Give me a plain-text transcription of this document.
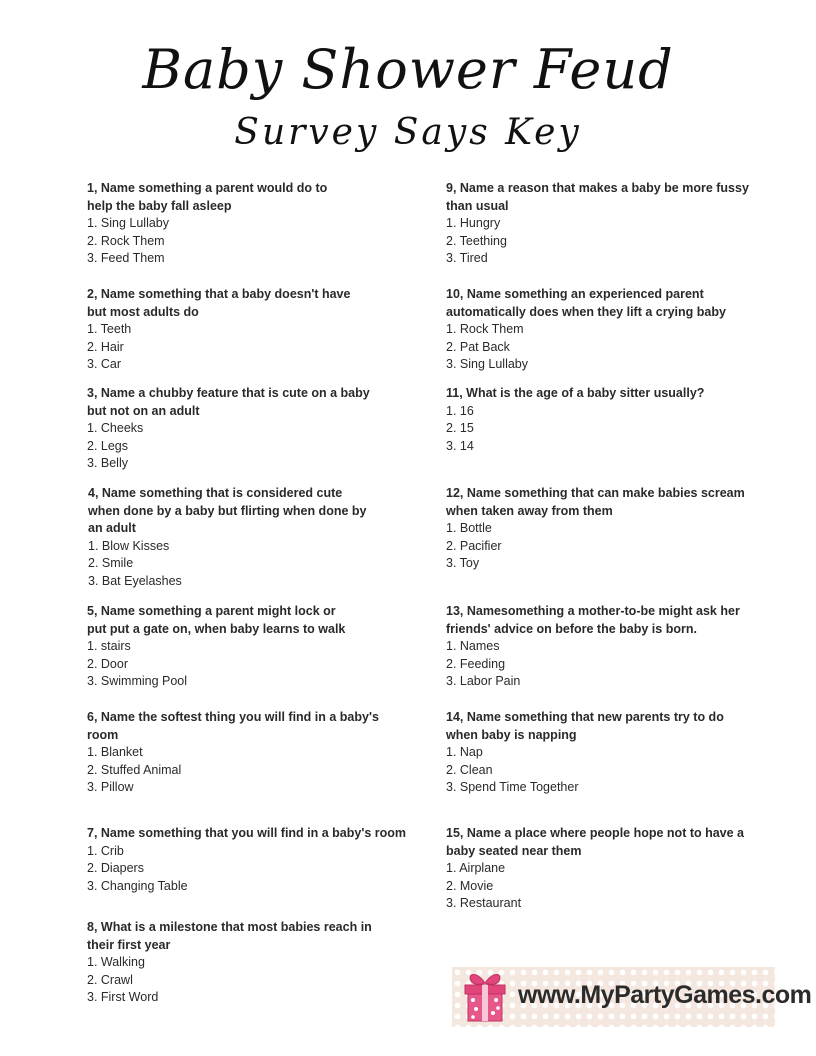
Baby Shower Feud
Survey Says Key
1, Name something a parent would do to
help the baby fall asleep
1. Sing Lullaby
2. Rock Them
3. Feed Them
2, Name something that a baby doesn't have
but most adults do
1. Teeth
2. Hair
3. Car
3, Name a chubby feature that is cute on a baby
but not on an adult
1. Cheeks
2. Legs
3. Belly
4, Name something that is considered cute
when done by a baby but flirting when done by
an adult
1. Blow Kisses
2. Smile
3. Bat Eyelashes
5, Name something a parent might lock or
put put a gate on, when baby learns to walk
1. stairs
2. Door
3. Swimming Pool
6, Name the softest thing you will find in a baby's
room
1. Blanket
2. Stuffed Animal
3. Pillow
7, Name something that you will find in a baby's room
1. Crib
2. Diapers
3. Changing Table
8, What is a milestone that most babies reach in
their first year
1. Walking
2. Crawl
3. First Word
9, Name a reason that makes a baby be more fussy
than usual
1. Hungry
2. Teething
3. Tired
10, Name something an experienced parent
automatically does when they lift a crying baby
1. Rock Them
2. Pat Back
3. Sing Lullaby
11, What is the age of a baby sitter usually?
1. 16
2. 15
3. 14
12, Name something that can make babies scream
when taken away from them
1. Bottle
2. Pacifier
3. Toy
13, Namesomething a mother-to-be might ask her
friends' advice on before the baby is born.
1. Names
2. Feeding
3. Labor Pain
14, Name something that new parents try to do
when baby is napping
1. Nap
2. Clean
3. Spend Time Together
15, Name a place where people hope not to have a
baby seated near them
1. Airplane
2. Movie
3. Restaurant
www.MyPartyGames.com
